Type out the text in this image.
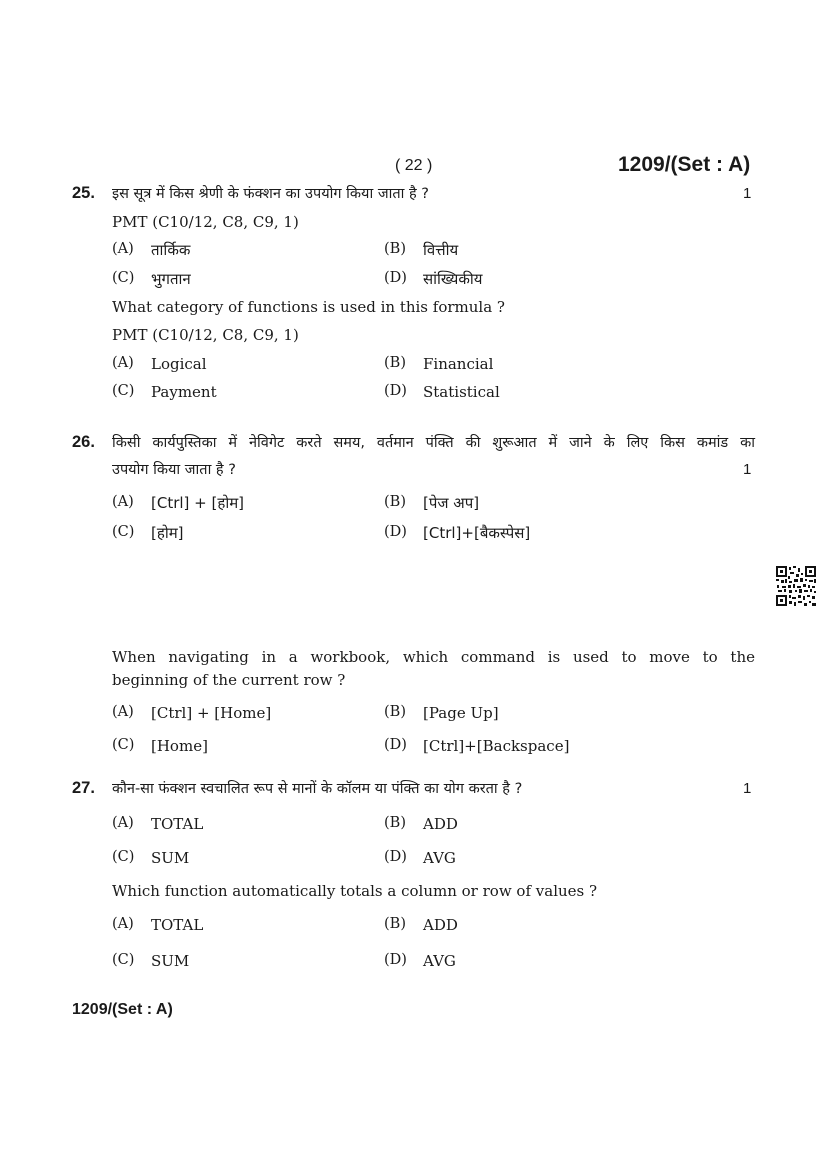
( 22 )	1209/(Set : A)
25. इस सूत्र में किस श्रेणी के फंक्शन का उपयोग किया जाता है ?	1
PMT (C10/12, C8, C9, 1)
(A) तार्किक	(B) वित्तीय
(C) भुगतान	(D) सांख्यिकीय
What category of functions is used in this formula ?
PMT (C10/12, C8, C9, 1)
(A) Logical	(B) Financial
(C) Payment	(D) Statistical
26. किसी कार्यपुस्तिका में नेविगेट करते समय, वर्तमान पंक्ति की शुरूआत में जाने के लिए किस कमांड का
उपयोग किया जाता है ?	1
(A) [Ctrl] + [होम]	(B) [पेज अप]
(C) [होम]	(D) [Ctrl]+[बैकस्पेस]
When navigating in a workbook, which command is used to move to the
beginning of the current row ?
(A) [Ctrl] + [Home]	(B) [Page Up]
(C) [Home]	(D) [Ctrl]+[Backspace]
27. कौन-सा फंक्शन स्वचालित रूप से मानों के कॉलम या पंक्ति का योग करता है ?	1
(A) TOTAL	(B) ADD
(C) SUM	(D) AVG
Which function automatically totals a column or row of values ?
(A) TOTAL	(B) ADD
(C) SUM	(D) AVG
1209/(Set : A)
